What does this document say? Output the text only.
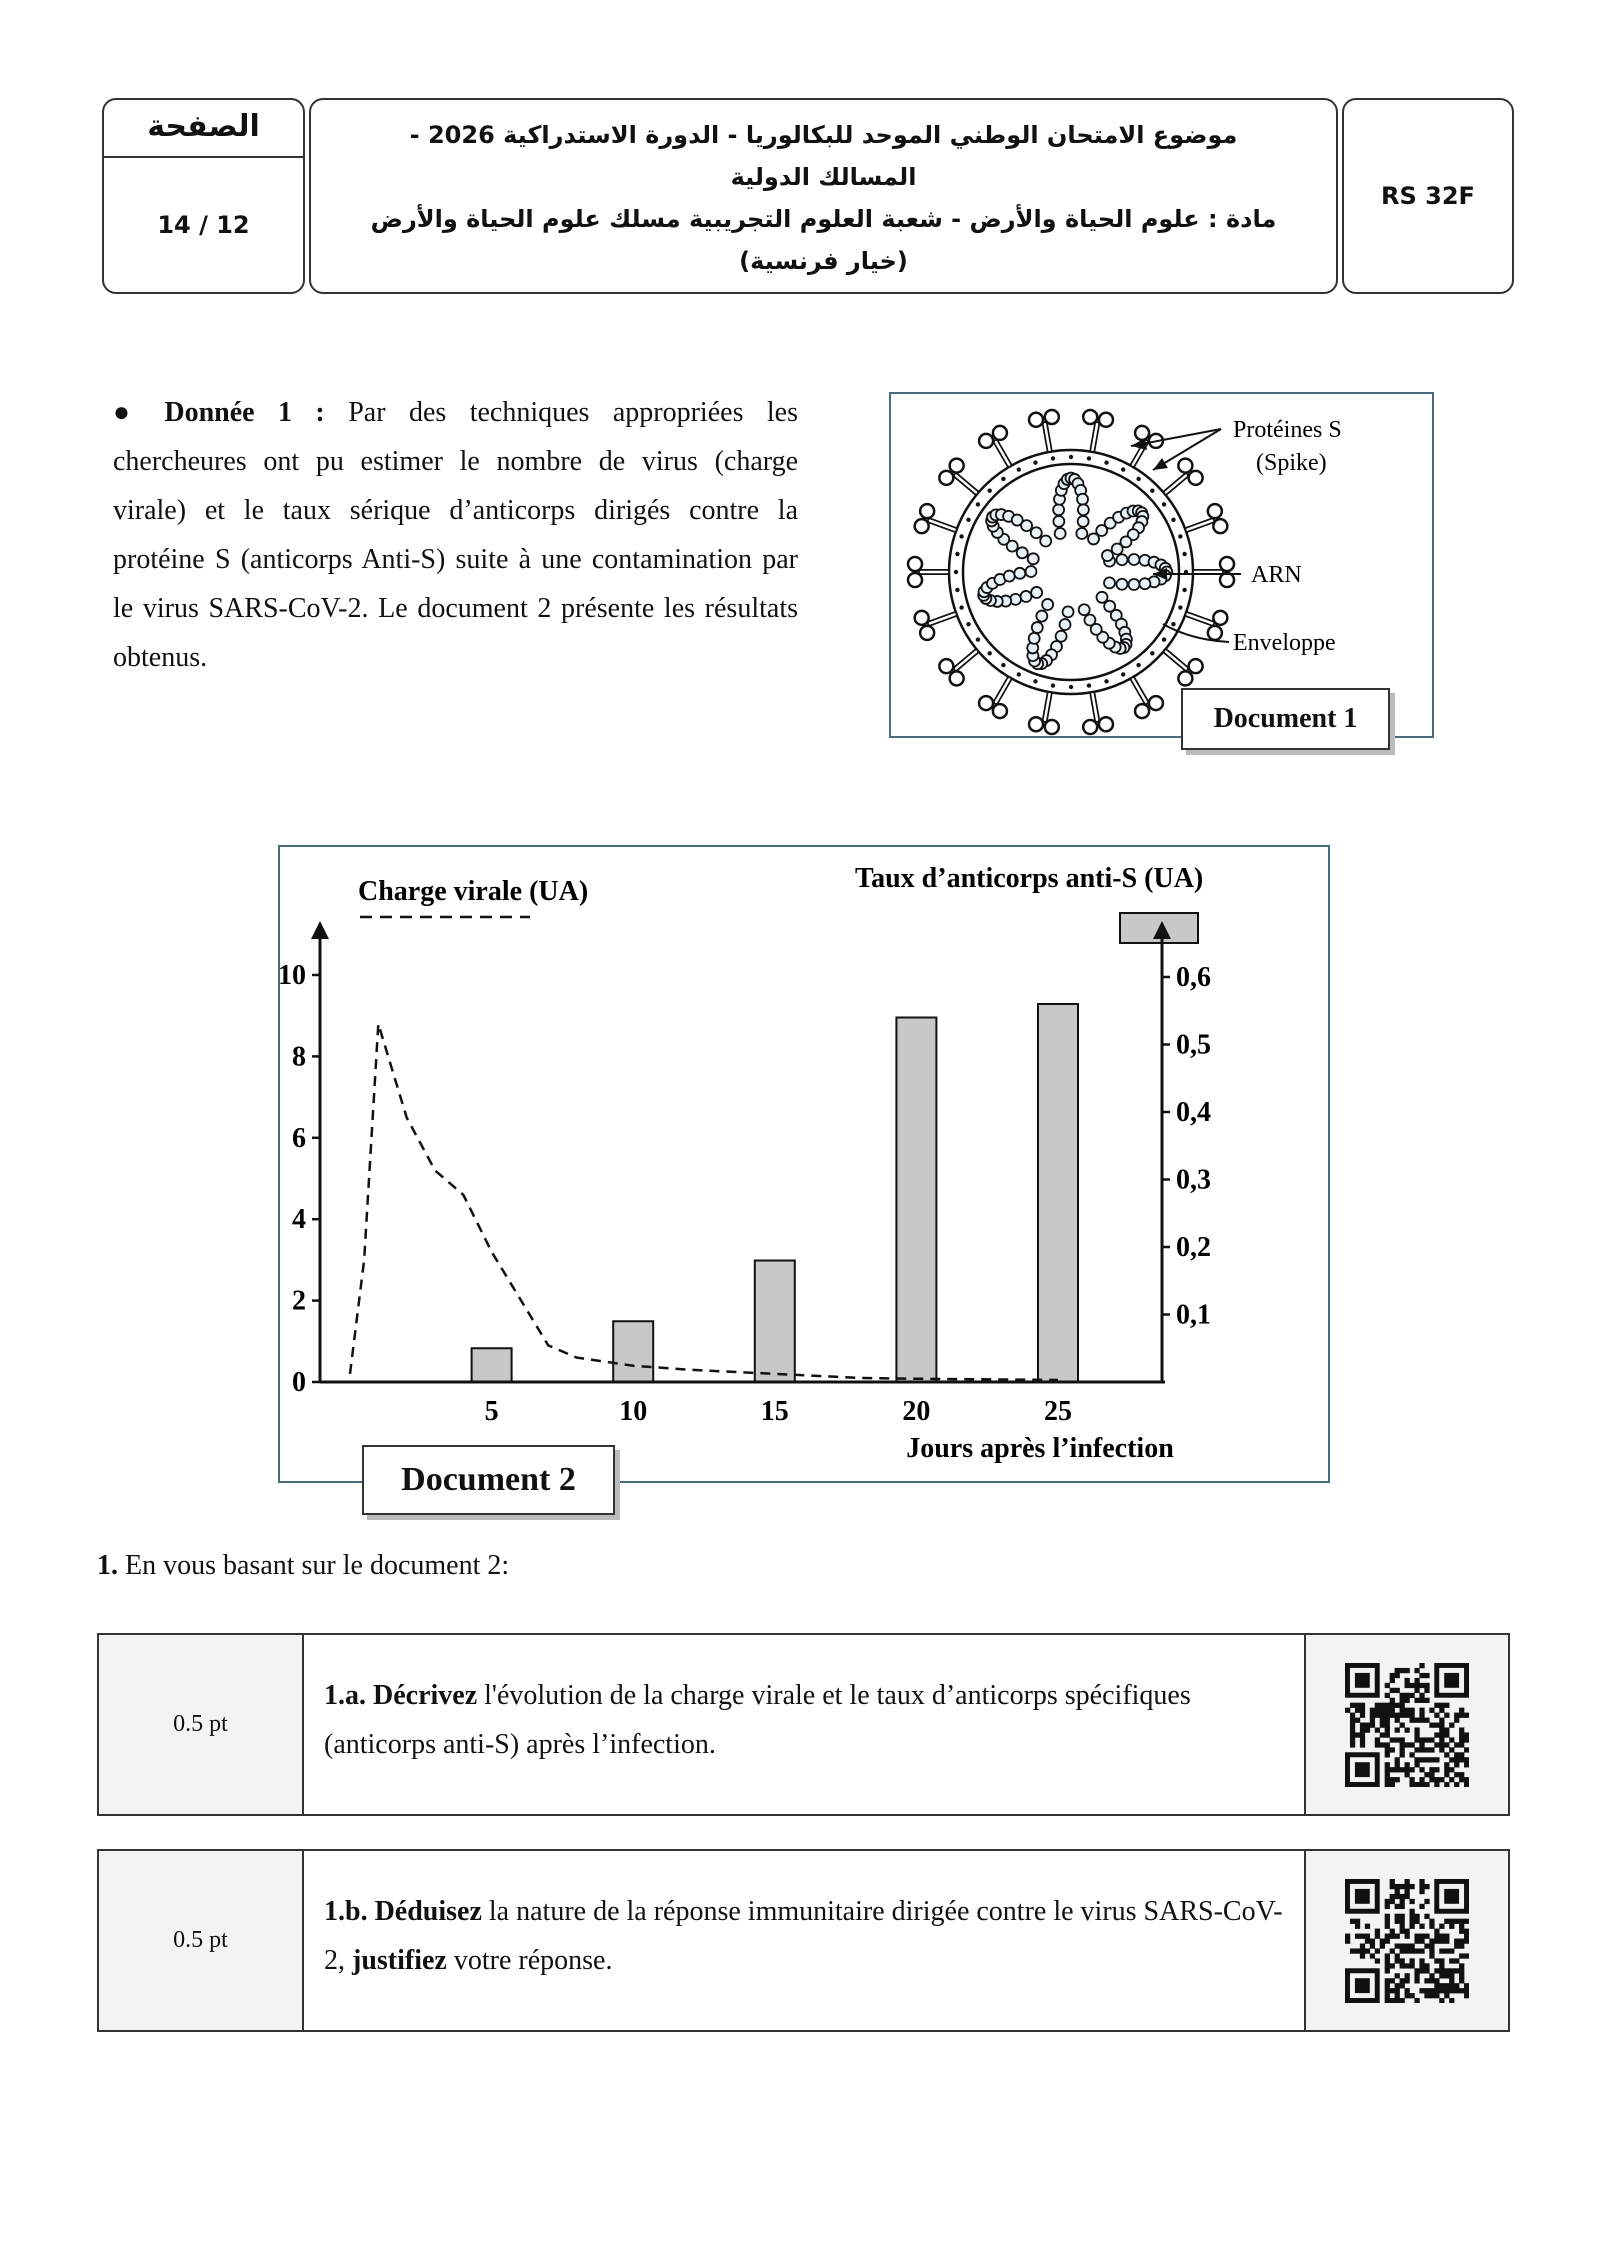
الصفحة
14 / 12
موضوع الامتحان الوطني الموحد للبكالوريا - الدورة الاستدراكية 2026 -
المسالك الدولية
مادة : علوم الحياة والأرض - شعبة العلوم التجريبية مسلك علوم الحياة والأرض (خيار فرنسية)
RS 32F
● Donnée 1 : Par des techniques appropriées les chercheures ont pu estimer le nombre de virus (charge virale) et le taux sérique d’anticorps dirigés contre la protéine S (anticorps Anti-S) suite à une contamination par le virus SARS-CoV-2. Le document 2 présente les résultats obtenus.
Protéines S
(Spike)
ARN
Enveloppe
Document 1
Charge virale (UA)	Taux d’anticorps anti-S (UA)
0
2
4
6
8
10
0,1
0,2
0,3
0,4
0,5
0,6
5	10	15	20	25
Jours après l’infection
Document 2
1. En vous basant sur le document 2:
0.5 pt
1.a. Décrivez l'évolution de la charge virale et le taux d’anticorps spécifiques (anticorps anti-S) après l’infection.
0.5 pt
1.b. Déduisez la nature de la réponse immunitaire dirigée contre le virus SARS-CoV-2, justifiez votre réponse.
